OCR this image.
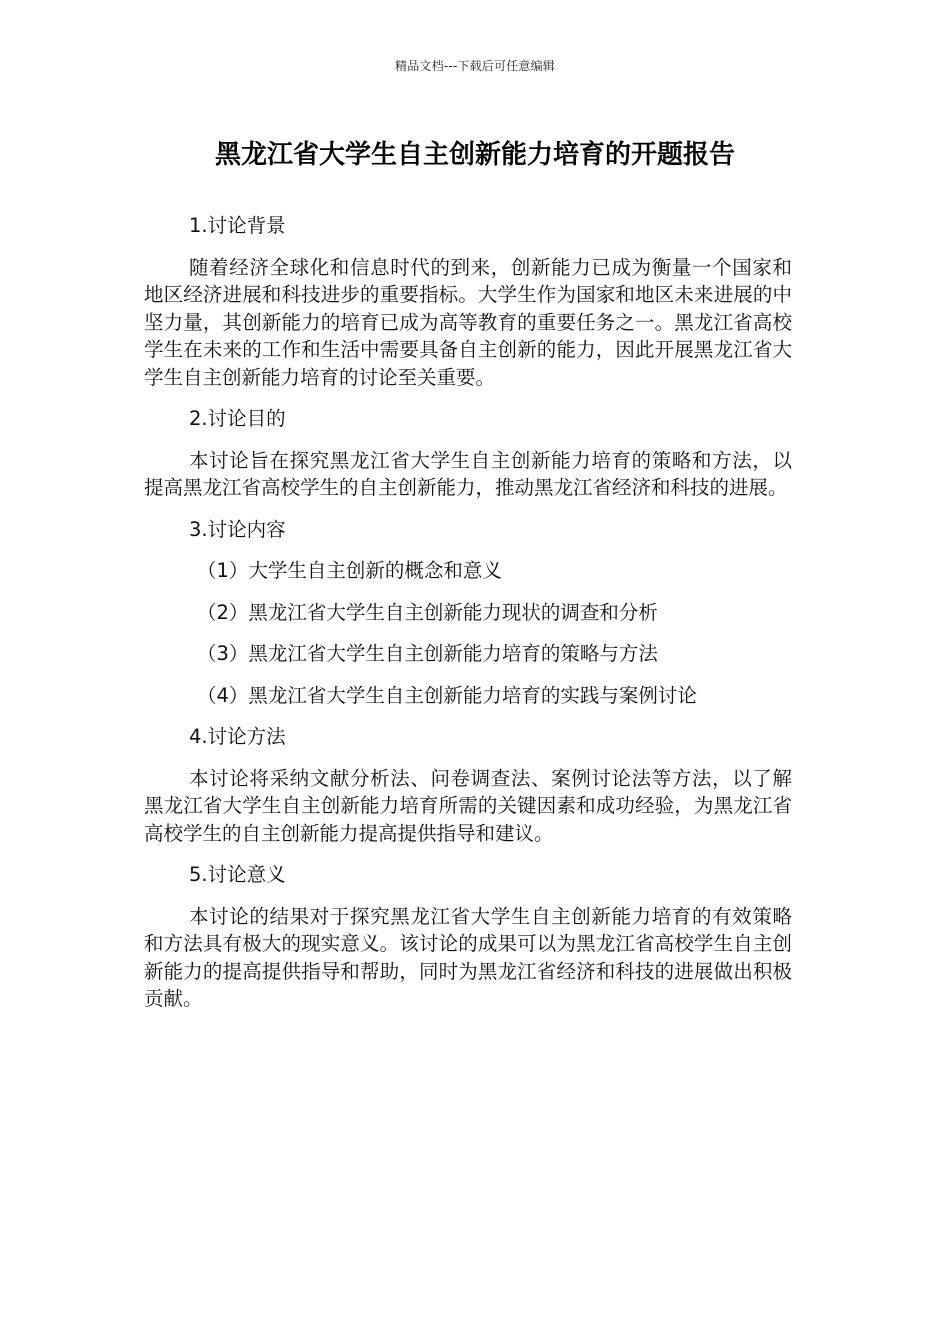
精品文档---下载后可任意编辑
黑龙江省大学生自主创新能力培育的开题报告

1.讨论背景

随着经济全球化和信息时代的到来，创新能力已成为衡量一个国家和地区经济进展和科技进步的重要指标。大学生作为国家和地区未来进展的中坚力量，其创新能力的培育已成为高等教育的重要任务之一。黑龙江省高校学生在未来的工作和生活中需要具备自主创新的能力，因此开展黑龙江省大学生自主创新能力培育的讨论至关重要。

2.讨论目的

本讨论旨在探究黑龙江省大学生自主创新能力培育的策略和方法，以提高黑龙江省高校学生的自主创新能力，推动黑龙江省经济和科技的进展。

3.讨论内容

（1）大学生自主创新的概念和意义

（2）黑龙江省大学生自主创新能力现状的调查和分析

（3）黑龙江省大学生自主创新能力培育的策略与方法

（4）黑龙江省大学生自主创新能力培育的实践与案例讨论

4.讨论方法

本讨论将采纳文献分析法、问卷调查法、案例讨论法等方法，以了解黑龙江省大学生自主创新能力培育所需的关键因素和成功经验，为黑龙江省高校学生的自主创新能力提高提供指导和建议。

5.讨论意义

本讨论的结果对于探究黑龙江省大学生自主创新能力培育的有效策略和方法具有极大的现实意义。该讨论的成果可以为黑龙江省高校学生自主创新能力的提高提供指导和帮助，同时为黑龙江省经济和科技的进展做出积极贡献。
